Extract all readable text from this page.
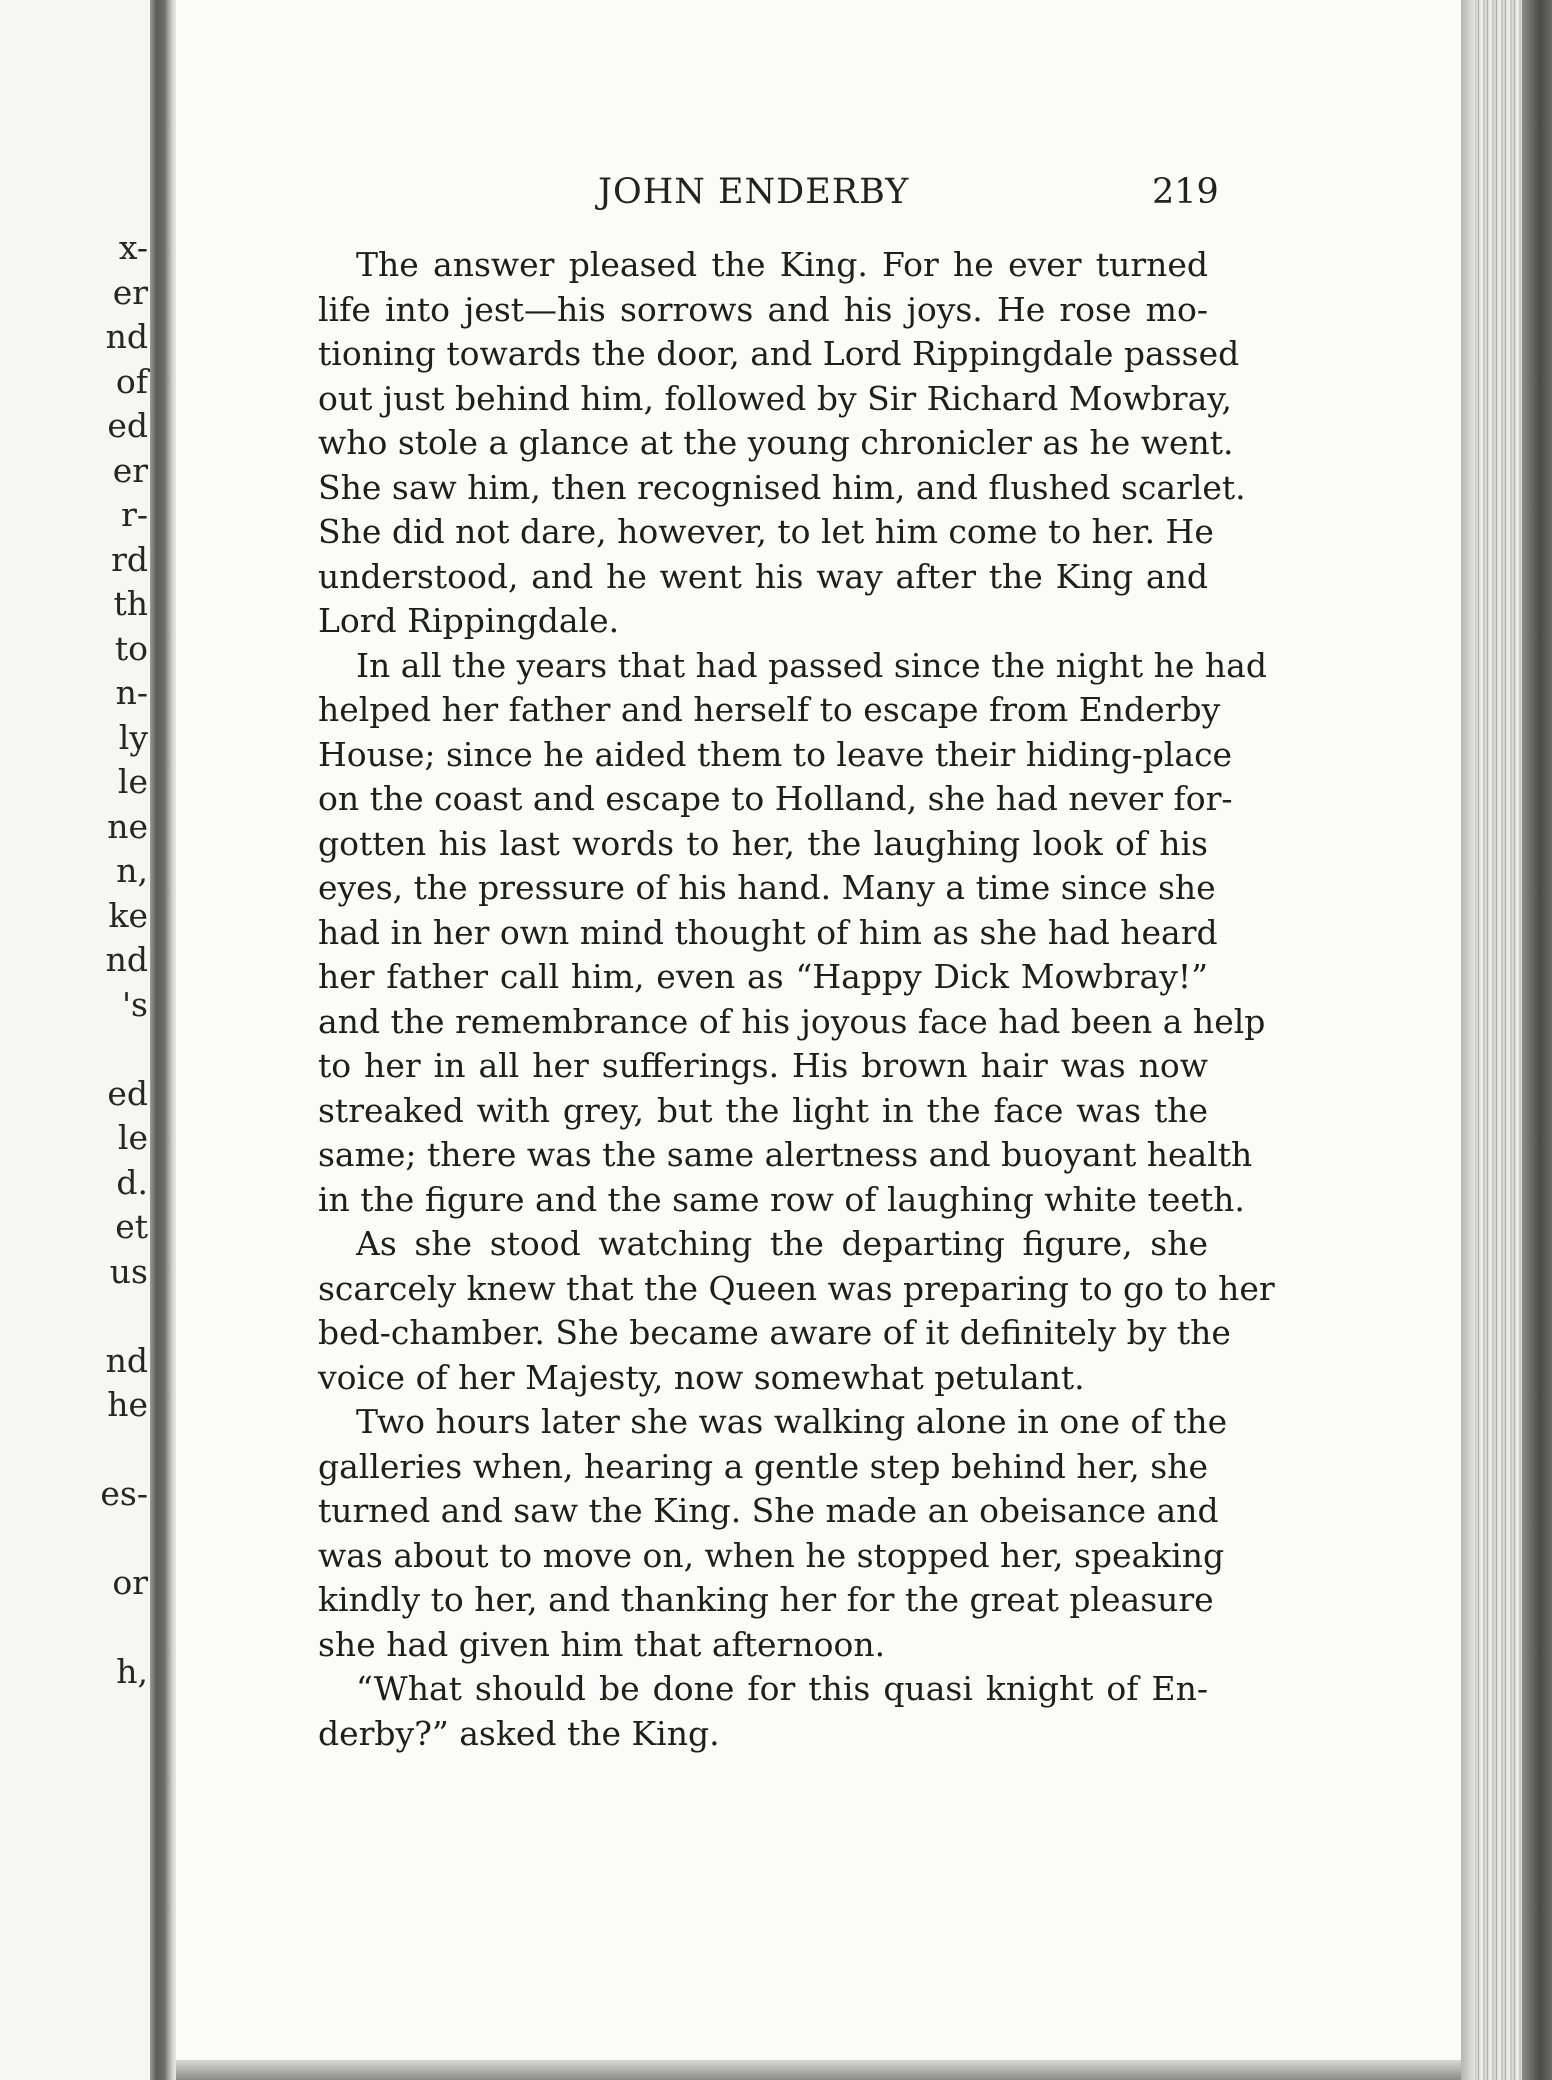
x-
er
nd
of
ed
er
r-
rd
th
to
n-
ly
le
ne
n,
ke
nd
's
ed
le
d.
et
us
nd
he
es-
or
h,
JOHN ENDERBY	219
The answer pleased the King. For he ever turned
life into jest—his sorrows and his joys. He rose mo-
tioning towards the door, and Lord Rippingdale passed
out just behind him, followed by Sir Richard Mowbray,
who stole a glance at the young chronicler as he went.
She saw him, then recognised him, and flushed scarlet.
She did not dare, however, to let him come to her. He
understood, and he went his way after the King and
Lord Rippingdale.
In all the years that had passed since the night he had
helped her father and herself to escape from Enderby
House; since he aided them to leave their hiding-place
on the coast and escape to Holland, she had never for-
gotten his last words to her, the laughing look of his
eyes, the pressure of his hand. Many a time since she
had in her own mind thought of him as she had heard
her father call him, even as “Happy Dick Mowbray!”
and the remembrance of his joyous face had been a help
to her in all her sufferings. His brown hair was now
streaked with grey, but the light in the face was the
same; there was the same alertness and buoyant health
in the figure and the same row of laughing white teeth.
As she stood watching the departing figure, she
scarcely knew that the Queen was preparing to go to her
bed-chamber. She became aware of it definitely by the
voice of her Majesty, now somewhat petulant.
Two hours later she was walking alone in one of the
galleries when, hearing a gentle step behind her, she
turned and saw the King. She made an obeisance and
was about to move on, when he stopped her, speaking
kindly to her, and thanking her for the great pleasure
she had given him that afternoon.
“What should be done for this quasi knight of En-
derby?” asked the King.
